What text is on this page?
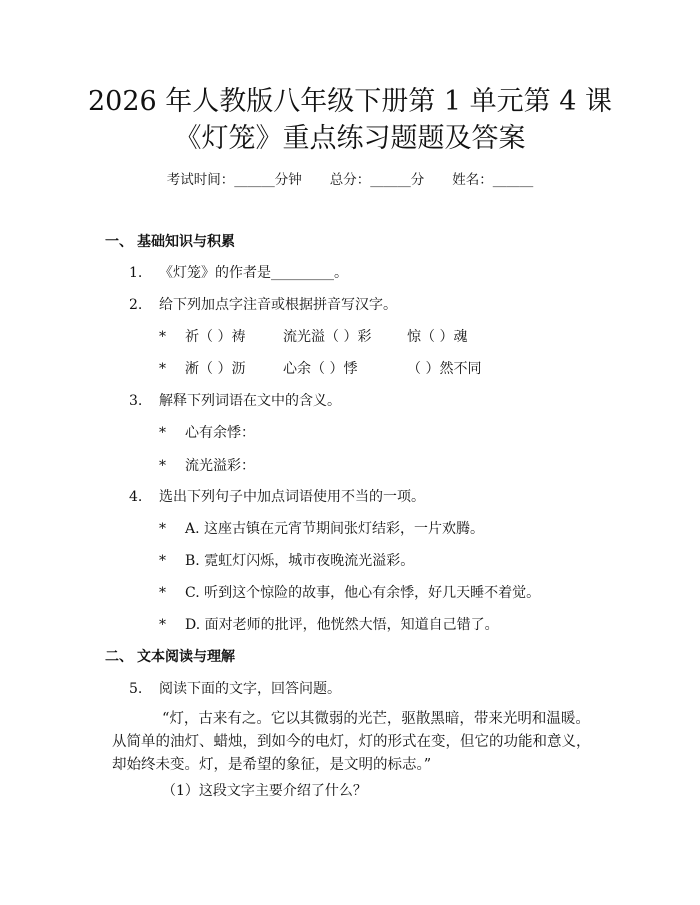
2026 年人教版八年级下册第 1 单元第 4 课
《灯笼》重点练习题题及答案
考试时间：______分钟 总分：______分 姓名：______
一、 基础知识与积累
1. 《灯笼》的作者是_________。
2. 给下列加点字注音或根据拼音写汉字。
* 祈（ ）祷	流光溢（ ）彩	惊（ ）魂
* 淅（ ）沥	心余（ ）悸	（ ）然不同
3. 解释下列词语在文中的含义。
* 心有余悸：
* 流光溢彩：
4. 选出下列句子中加点词语使用不当的一项。
* A. 这座古镇在元宵节期间张灯结彩，一片欢腾。
* B. 霓虹灯闪烁，城市夜晚流光溢彩。
* C. 听到这个惊险的故事，他心有余悸，好几天睡不着觉。
* D. 面对老师的批评，他恍然大悟，知道自己错了。
二、 文本阅读与理解
5. 阅读下面的文字，回答问题。
“灯，古来有之。它以其微弱的光芒，驱散黑暗，带来光明和温暖。从简单的油灯、蜡烛，到如今的电灯，灯的形式在变，但它的功能和意义，却始终未变。灯，是希望的象征，是文明的标志。”
（1）这段文字主要介绍了什么？
